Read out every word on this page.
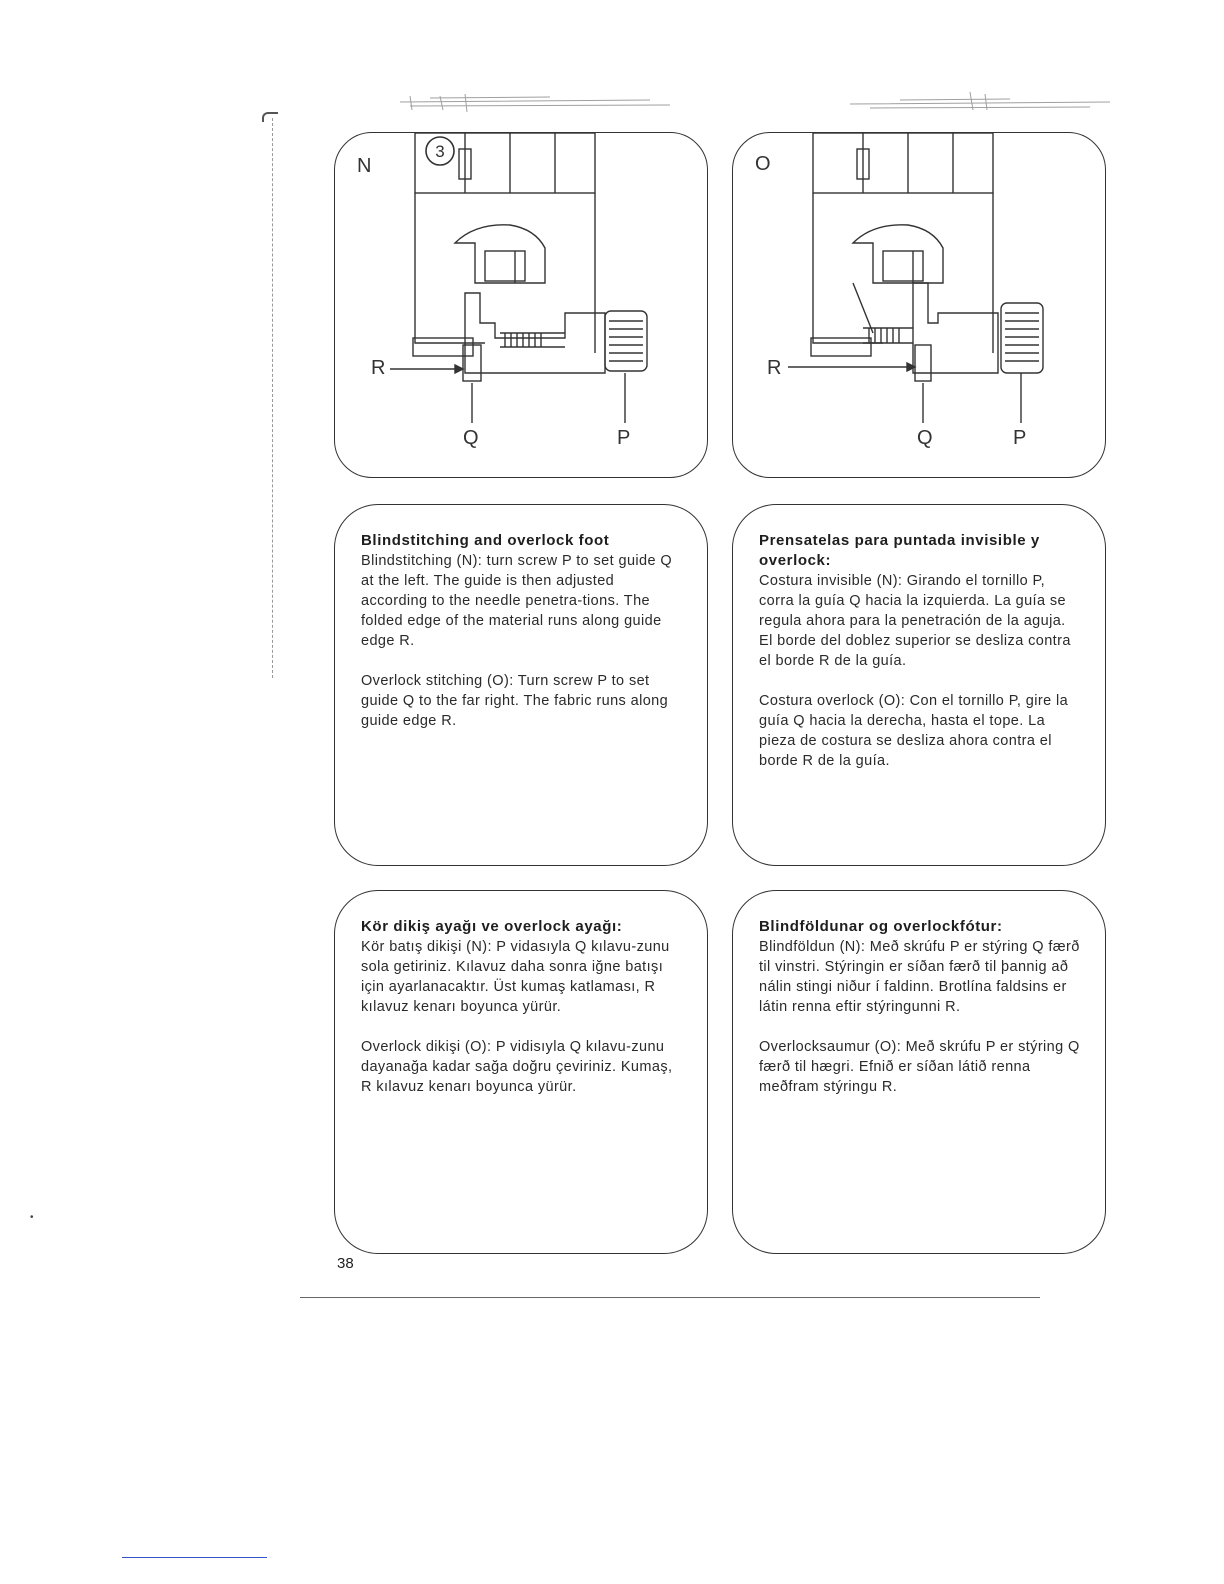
3
N
R
Q	P
O
R
Q	P
Blindstitching and overlock foot

Blindstitching (N): turn screw P to set guide Q at the left. The guide is then adjusted according to the needle penetra-tions. The folded edge of the material runs along guide edge R.

Overlock stitching (O): Turn screw P to set guide Q to the far right. The fabric runs along guide edge R.

Prensatelas para puntada invisible y overlock:

Costura invisible (N): Girando el tornillo P, corra la guía Q hacia la izquierda. La guía se regula ahora para la penetración de la aguja. El borde del doblez superior se desliza contra el borde R de la guía.

Costura overlock (O): Con el tornillo P, gire la guía Q hacia la derecha, hasta el tope. La pieza de costura se desliza ahora contra el borde R de la guía.

Kör dikiş ayağı ve overlock ayağı:

Kör batış dikişi (N): P vidasıyla Q kılavu-zunu sola getiriniz. Kılavuz daha sonra iğne batışı için ayarlanacaktır. Üst kumaş katlaması, R kılavuz kenarı boyunca yürür.

Overlock dikişi (O): P vidisıyla Q kılavu-zunu dayanağa kadar sağa doğru çeviriniz. Kumaş, R kılavuz kenarı boyunca yürür.

Blindföldunar og overlockfótur:

Blindföldun (N): Með skrúfu P er stýring Q færð til vinstri. Stýringin er síðan færð til þannig að nálin stingi niður í faldinn. Brotlína faldsins er látin renna eftir stýringunni R.

Overlocksaumur (O): Með skrúfu P er stýring Q færð til hægri. Efnið er síðan látið renna meðfram stýringu R.

38
•
